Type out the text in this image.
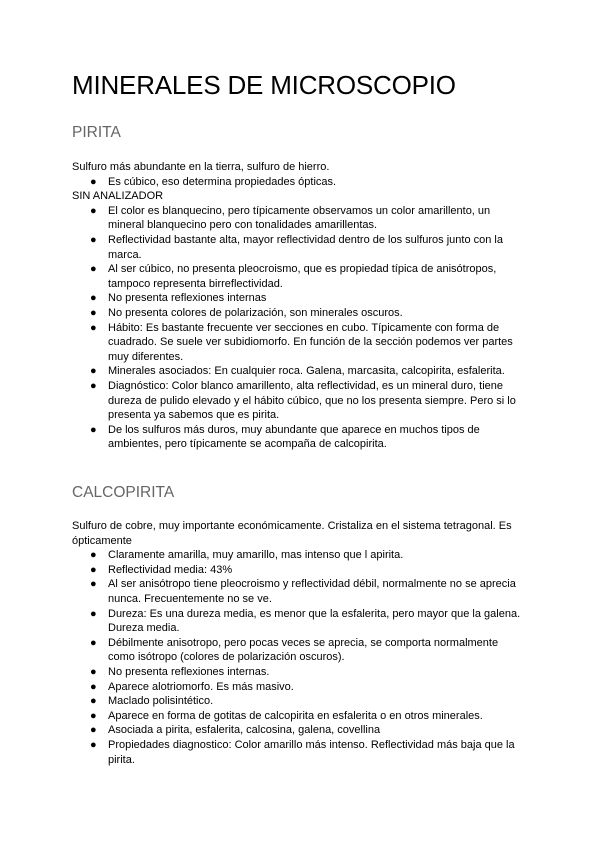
MINERALES DE MICROSCOPIO
PIRITA

Sulfuro más abundante en la tierra, sulfuro de hierro.

● Es cúbico, eso determina propiedades ópticas.

SIN ANALIZADOR

● El color es blanquecino, pero típicamente observamos un color amarillento, un mineral blanquecino pero con tonalidades amarillentas.
● Reflectividad bastante alta, mayor reflectividad dentro de los sulfuros junto con la marca.
● Al ser cúbico, no presenta pleocroismo, que es propiedad típica de anisótropos, tampoco representa birreflectividad.
● No presenta reflexiones internas
● No presenta colores de polarización, son minerales oscuros.
● Hábito: Es bastante frecuente ver secciones en cubo. Típicamente con forma de cuadrado. Se suele ver subidiomorfo. En función de la sección podemos ver partes muy diferentes.
● Minerales asociados: En cualquier roca. Galena, marcasita, calcopirita, esfalerita.
● Diagnóstico: Color blanco amarillento, alta reflectividad, es un mineral duro, tiene dureza de pulido elevado y el hábito cúbico, que no los presenta siempre. Pero si lo presenta ya sabemos que es pirita.
● De los sulfuros más duros, muy abundante que aparece en muchos tipos de ambientes, pero típicamente se acompaña de calcopirita.
CALCOPIRITA

Sulfuro de cobre, muy importante económicamente. Cristaliza en el sistema tetragonal. Es ópticamente

● Claramente amarilla, muy amarillo, mas intenso que l apirita.
● Reflectividad media: 43%
● Al ser anisótropo tiene pleocroismo y reflectividad débil, normalmente no se aprecia nunca. Frecuentemente no se ve.
● Dureza: Es una dureza media, es menor que la esfalerita, pero mayor que la galena. Dureza media.
● Débilmente anisotropo, pero pocas veces se aprecia, se comporta normalmente como isótropo (colores de polarización oscuros).
● No presenta reflexiones internas.
● Aparece alotriomorfo. Es más masivo.
● Maclado polisintético.
● Aparece en forma de gotitas de calcopirita en esfalerita o en otros minerales.
● Asociada a pirita, esfalerita, calcosina, galena, covellina
● Propiedades diagnostico: Color amarillo más intenso. Reflectividad más baja que la pirita.
